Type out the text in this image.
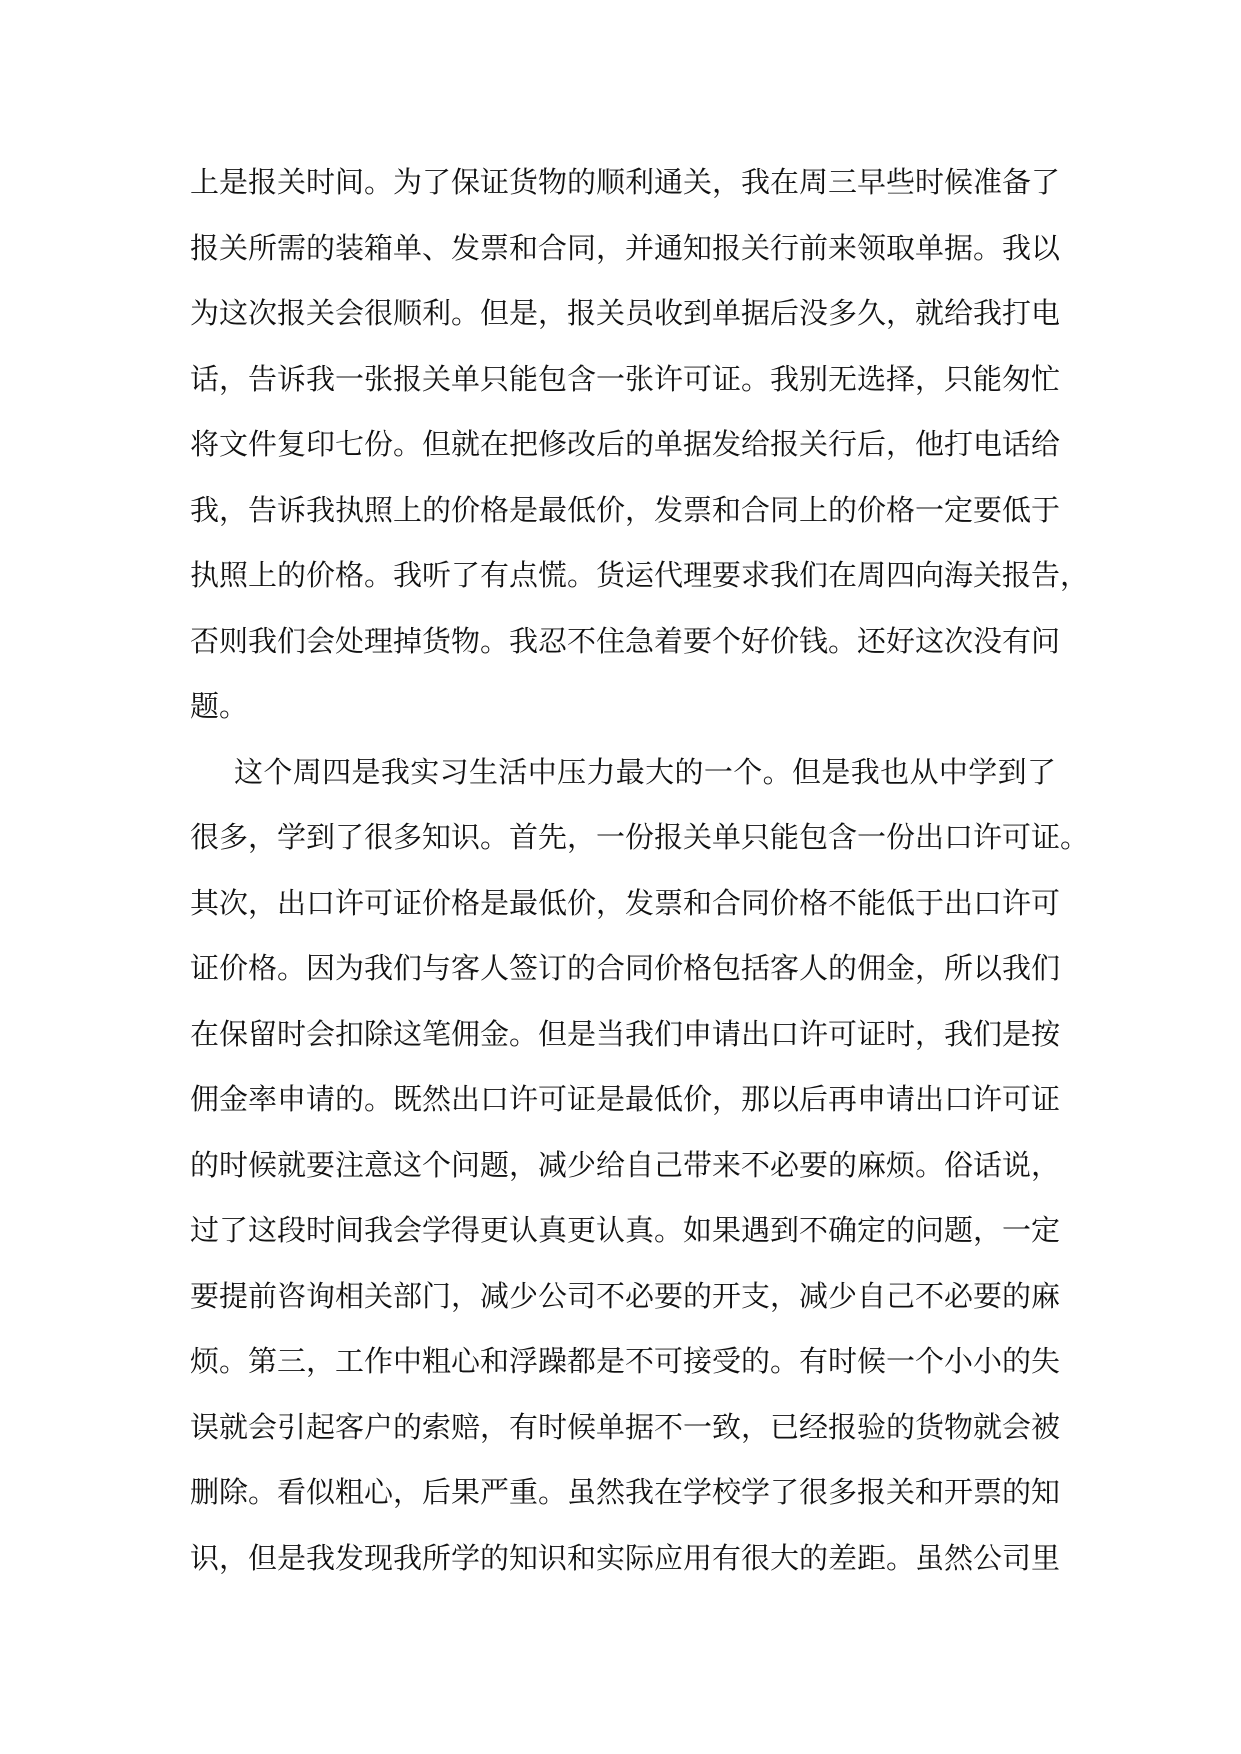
上是报关时间。为了保证货物的顺利通关，我在周三早些时候准备了
报关所需的装箱单、发票和合同，并通知报关行前来领取单据。我以
为这次报关会很顺利。但是，报关员收到单据后没多久，就给我打电
话，告诉我一张报关单只能包含一张许可证。我别无选择，只能匆忙
将文件复印七份。但就在把修改后的单据发给报关行后，他打电话给
我，告诉我执照上的价格是最低价，发票和合同上的价格一定要低于
执照上的价格。我听了有点慌。货运代理要求我们在周四向海关报告，
否则我们会处理掉货物。我忍不住急着要个好价钱。还好这次没有问
题。
这个周四是我实习生活中压力最大的一个。但是我也从中学到了
很多，学到了很多知识。首先，一份报关单只能包含一份出口许可证。
其次，出口许可证价格是最低价，发票和合同价格不能低于出口许可
证价格。因为我们与客人签订的合同价格包括客人的佣金，所以我们
在保留时会扣除这笔佣金。但是当我们申请出口许可证时，我们是按
佣金率申请的。既然出口许可证是最低价，那以后再申请出口许可证
的时候就要注意这个问题，减少给自己带来不必要的麻烦。俗话说，
过了这段时间我会学得更认真更认真。如果遇到不确定的问题，一定
要提前咨询相关部门，减少公司不必要的开支，减少自己不必要的麻
烦。第三，工作中粗心和浮躁都是不可接受的。有时候一个小小的失
误就会引起客户的索赔，有时候单据不一致，已经报验的货物就会被
删除。看似粗心，后果严重。虽然我在学校学了很多报关和开票的知
识，但是我发现我所学的知识和实际应用有很大的差距。虽然公司里
